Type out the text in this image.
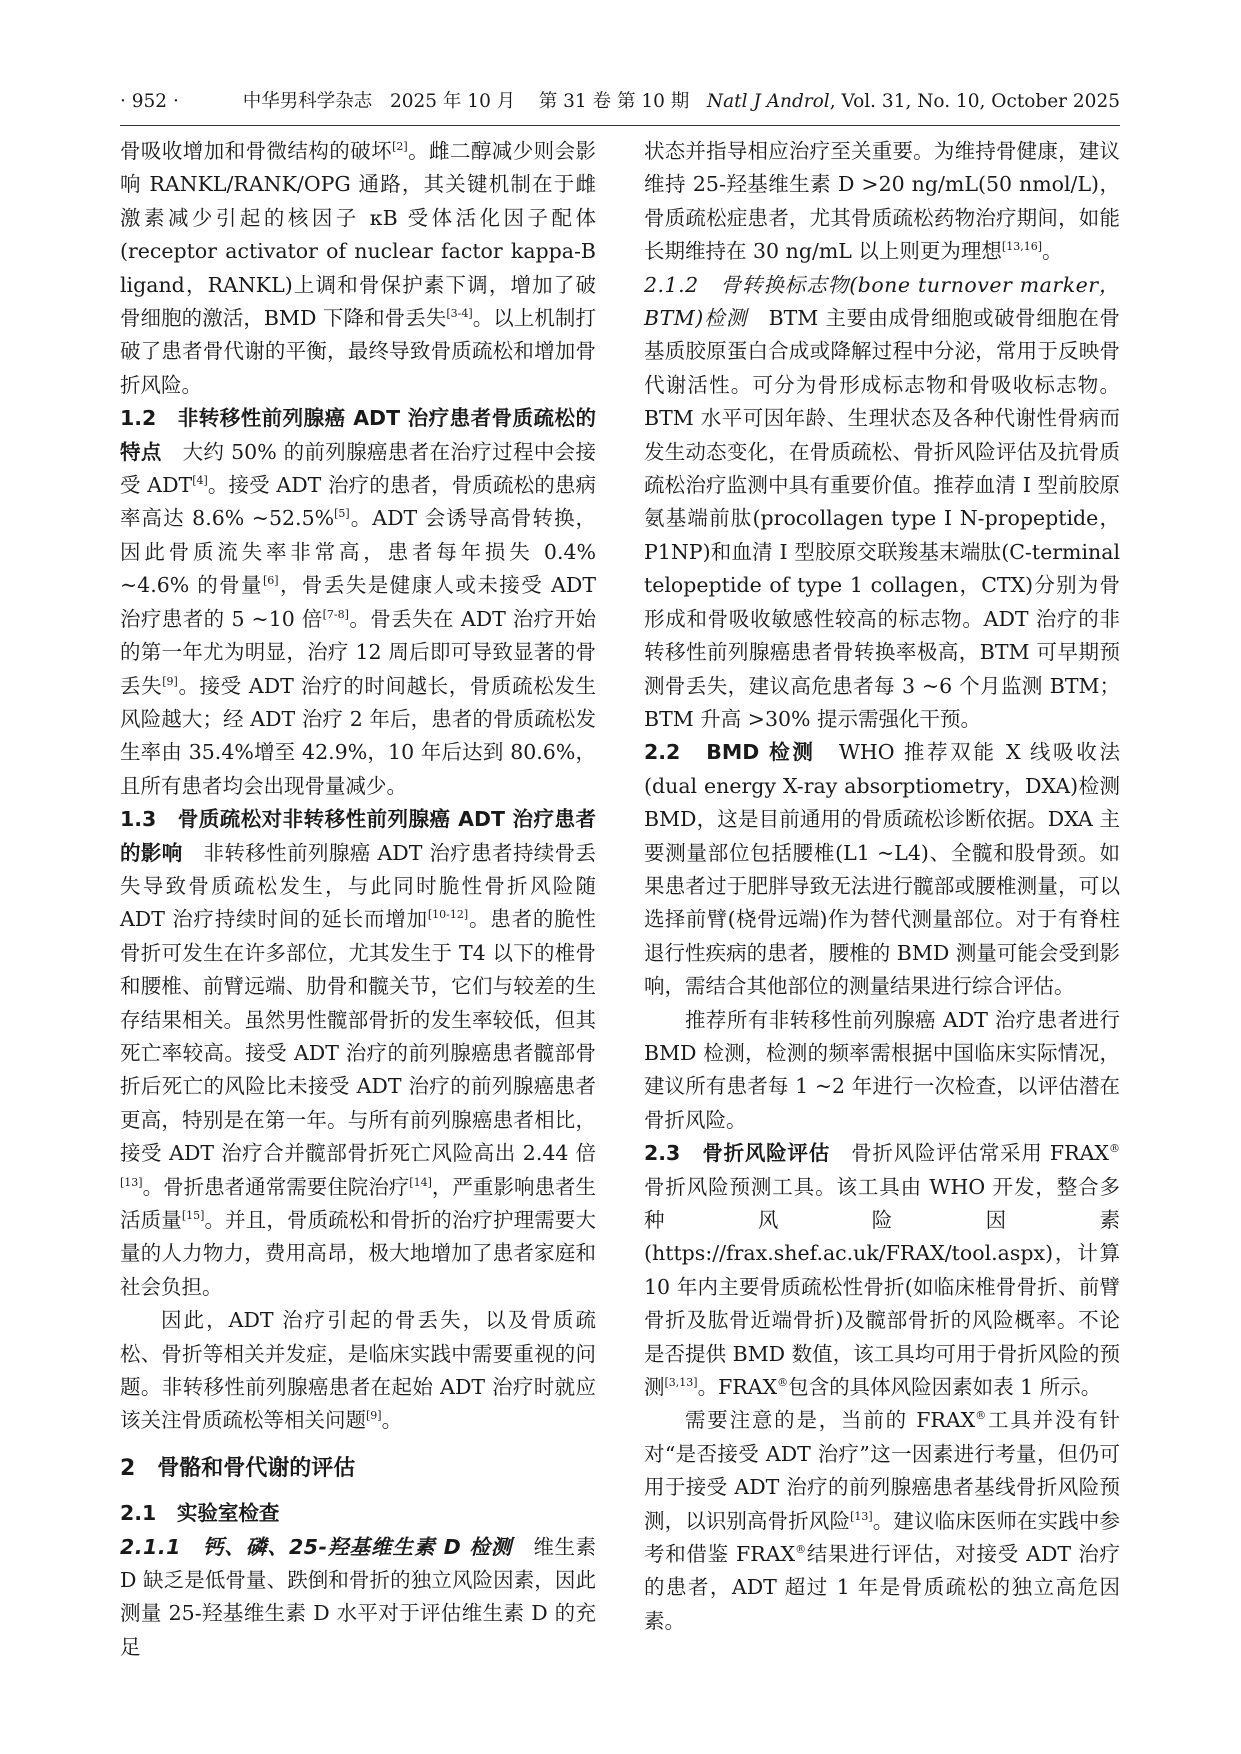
· 952 ·	中华男科学杂志 2025 年 10 月 第 31 卷 第 10 期 Natl J Androl, Vol. 31, No. 10, October 2025

骨吸收增加和骨微结构的破坏[2]。雌二醇减少则会影响 RANKL/RANK/OPG 通路，其关键机制在于雌激素减少引起的核因子 κB 受体活化因子配体(receptor activator of nuclear factor kappa-B ligand，RANKL)上调和骨保护素下调，增加了破骨细胞的激活，BMD 下降和骨丢失[3-4]。以上机制打破了患者骨代谢的平衡，最终导致骨质疏松和增加骨折风险。

1.2　非转移性前列腺癌 ADT 治疗患者骨质疏松的特点　大约 50% 的前列腺癌患者在治疗过程中会接受 ADT[4]。接受 ADT 治疗的患者，骨质疏松的患病率高达 8.6% ~52.5%[5]。ADT 会诱导高骨转换，因此骨质流失率非常高，患者每年损失 0.4% ~4.6% 的骨量[6]，骨丢失是健康人或未接受 ADT 治疗患者的 5 ~10 倍[7-8]。骨丢失在 ADT 治疗开始的第一年尤为明显，治疗 12 周后即可导致显著的骨丢失[9]。接受 ADT 治疗的时间越长，骨质疏松发生风险越大；经 ADT 治疗 2 年后，患者的骨质疏松发生率由 35.4%增至 42.9%，10 年后达到 80.6%，且所有患者均会出现骨量减少。

1.3　骨质疏松对非转移性前列腺癌 ADT 治疗患者的影响　非转移性前列腺癌 ADT 治疗患者持续骨丢失导致骨质疏松发生，与此同时脆性骨折风险随 ADT 治疗持续时间的延长而增加[10-12]。患者的脆性骨折可发生在许多部位，尤其发生于 T4 以下的椎骨和腰椎、前臂远端、肋骨和髋关节，它们与较差的生存结果相关。虽然男性髋部骨折的发生率较低，但其死亡率较高。接受 ADT 治疗的前列腺癌患者髋部骨折后死亡的风险比未接受 ADT 治疗的前列腺癌患者更高，特别是在第一年。与所有前列腺癌患者相比，接受 ADT 治疗合并髋部骨折死亡风险高出 2.44 倍[13]。骨折患者通常需要住院治疗[14]，严重影响患者生活质量[15]。并且，骨质疏松和骨折的治疗护理需要大量的人力物力，费用高昂，极大地增加了患者家庭和社会负担。

因此，ADT 治疗引起的骨丢失，以及骨质疏松、骨折等相关并发症，是临床实践中需要重视的问题。非转移性前列腺癌患者在起始 ADT 治疗时就应该关注骨质疏松等相关问题[9]。

2　骨骼和骨代谢的评估
2.1　实验室检查

2.1.1　钙、磷、25-羟基维生素 D 检测　维生素 D 缺乏是低骨量、跌倒和骨折的独立风险因素，因此测量 25-羟基维生素 D 水平对于评估维生素 D 的充足

状态并指导相应治疗至关重要。为维持骨健康，建议维持 25-羟基维生素 D >20 ng/mL(50 nmol/L)，骨质疏松症患者，尤其骨质疏松药物治疗期间，如能长期维持在 30 ng/mL 以上则更为理想[13,16]。

2.1.2　骨转换标志物(bone turnover marker，BTM)检测　BTM 主要由成骨细胞或破骨细胞在骨基质胶原蛋白合成或降解过程中分泌，常用于反映骨代谢活性。可分为骨形成标志物和骨吸收标志物。BTM 水平可因年龄、生理状态及各种代谢性骨病而发生动态变化，在骨质疏松、骨折风险评估及抗骨质疏松治疗监测中具有重要价值。推荐血清 I 型前胶原氨基端前肽(procollagen type I N-propeptide，P1NP)和血清 I 型胶原交联羧基末端肽(C-terminal telopeptide of type 1 collagen，CTX)分别为骨形成和骨吸收敏感性较高的标志物。ADT 治疗的非转移性前列腺癌患者骨转换率极高，BTM 可早期预测骨丢失，建议高危患者每 3 ~6 个月监测 BTM；BTM 升高 >30% 提示需强化干预。

2.2　BMD 检测　WHO 推荐双能 X 线吸收法(dual energy X-ray absorptiometry，DXA)检测 BMD，这是目前通用的骨质疏松诊断依据。DXA 主要测量部位包括腰椎(L1 ~L4)、全髋和股骨颈。如果患者过于肥胖导致无法进行髋部或腰椎测量，可以选择前臂(桡骨远端)作为替代测量部位。对于有脊柱退行性疾病的患者，腰椎的 BMD 测量可能会受到影响，需结合其他部位的测量结果进行综合评估。

推荐所有非转移性前列腺癌 ADT 治疗患者进行 BMD 检测，检测的频率需根据中国临床实际情况，建议所有患者每 1 ~2 年进行一次检查，以评估潜在骨折风险。

2.3　骨折风险评估　骨折风险评估常采用 FRAX®骨折风险预测工具。该工具由 WHO 开发，整合多种风险因素(https://frax.shef.ac.uk/FRAX/tool.aspx)，计算 10 年内主要骨质疏松性骨折(如临床椎骨骨折、前臂骨折及肱骨近端骨折)及髋部骨折的风险概率。不论是否提供 BMD 数值，该工具均可用于骨折风险的预测[3,13]。FRAX®包含的具体风险因素如表 1 所示。

需要注意的是，当前的 FRAX®工具并没有针对“是否接受 ADT 治疗”这一因素进行考量，但仍可用于接受 ADT 治疗的前列腺癌患者基线骨折风险预测，以识别高骨折风险[13]。建议临床医师在实践中参考和借鉴 FRAX®结果进行评估，对接受 ADT 治疗的患者，ADT 超过 1 年是骨质疏松的独立高危因素。
